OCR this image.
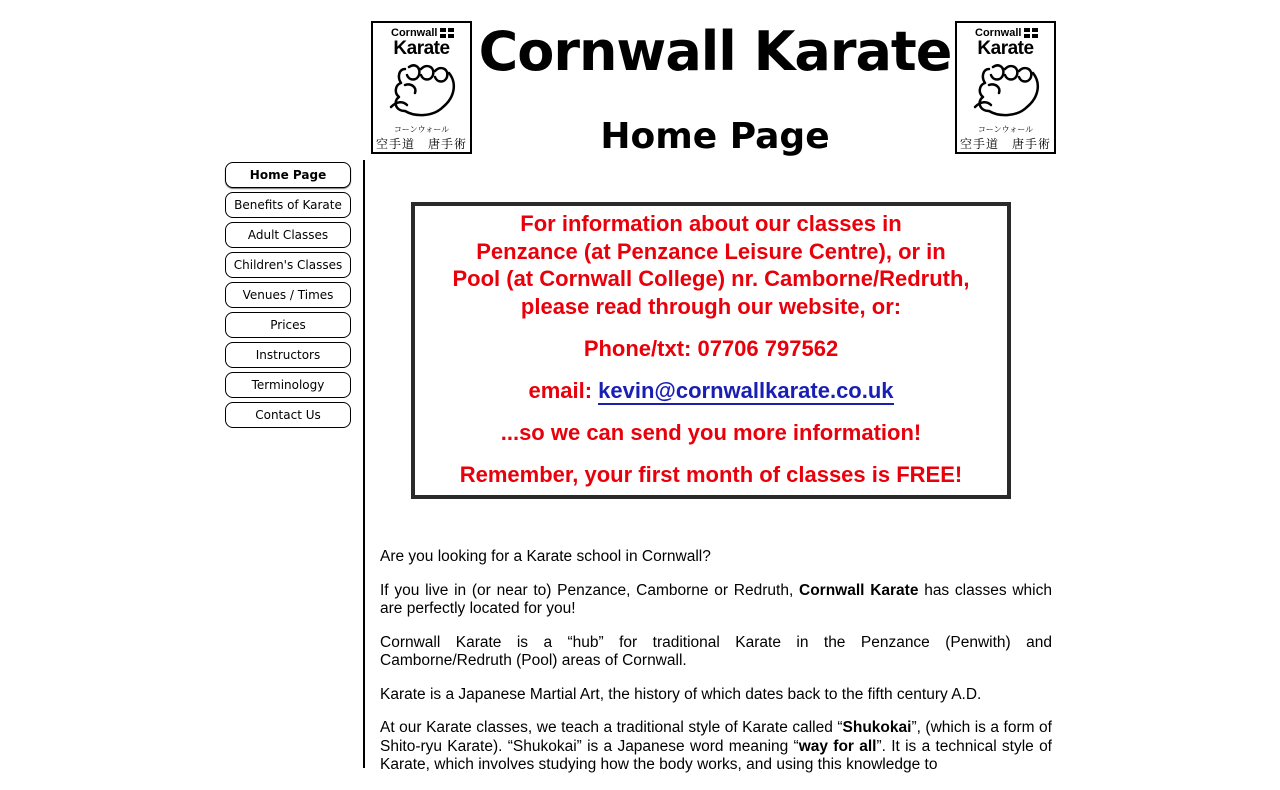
Cornwall
Karate
コーンウォール
空手道　唐手術
Cornwall Karate
Home Page
Cornwall
Karate
コーンウォール
空手道　唐手術
Home Page
Benefits of Karate
Adult Classes
Children's Classes
Venues / Times
Prices
Instructors
Terminology
Contact Us

For information about our classes in
Penzance (at Penzance Leisure Centre), or in
Pool (at Cornwall College) nr. Camborne/Redruth,
please read through our website, or:

Phone/txt: 07706 797562

email: kevin@cornwallkarate.co.uk

...so we can send you more information!

Remember, your first month of classes is FREE!

Are you looking for a Karate school in Cornwall?

If you live in (or near to) Penzance, Camborne or Redruth, Cornwall Karate has classes which are perfectly located for you!

Cornwall Karate is a “hub” for traditional Karate in the Penzance (Penwith) and Camborne/Redruth (Pool) areas of Cornwall.

Karate is a Japanese Martial Art, the history of which dates back to the fifth century A.D.

At our Karate classes, we teach a traditional style of Karate called “Shukokai”, (which is a form of Shito-ryu Karate). “Shukokai” is a Japanese word meaning “way for all”. It is a technical style of Karate, which involves studying how the body works, and using this knowledge to
